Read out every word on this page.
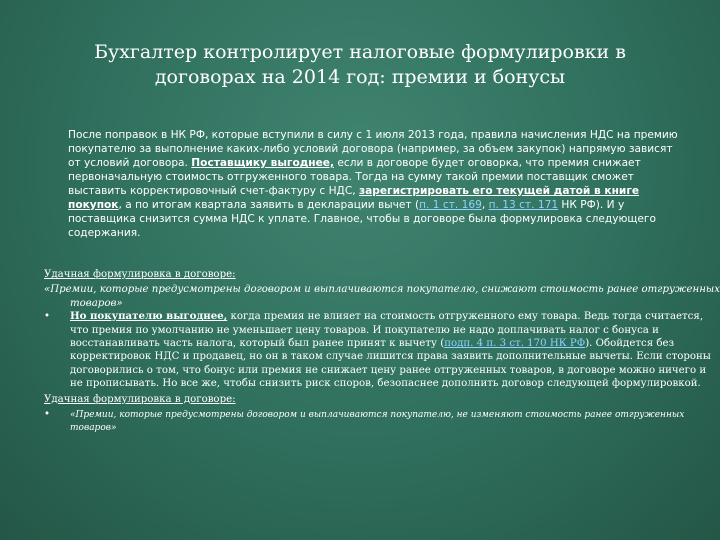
Бухгалтер контролирует налоговые формулировки в
договорах на 2014 год: премии и бонусы
После поправок в НК РФ, которые вступили в силу с 1 июля 2013 года, правила начисления НДС на премию покупателю за выполнение каких-либо условий договора (например, за объем закупок) напрямую зависят от условий договора. Поставщику выгоднее, если в договоре будет оговорка, что премия снижает первоначальную стоимость отгруженного товара. Тогда на сумму такой премии поставщик сможет выставить корректировочный счет-фактуру с НДС, зарегистрировать его текущей датой в книге покупок, а по итогам квартала заявить в декларации вычет (п. 1 ст. 169, п. 13 ст. 171 НК РФ). И у поставщика снизится сумма НДС к уплате. Главное, чтобы в договоре была формулировка следующего содержания.
Удачная формулировка в договоре:
«Премии, которые предусмотрены договором и выплачиваются покупателю, снижают стоимость ранее отгруженных
товаров»
• Но покупателю выгоднее, когда премия не влияет на стоимость отгруженного ему товара. Ведь тогда считается, что премия по умолчанию не уменьшает цену товаров. И покупателю не надо доплачивать налог с бонуса и восстанавливать часть налога, который был ранее принят к вычету (подп. 4 п. 3 ст. 170 НК РФ). Обойдется без корректировок НДС и продавец, но он в таком случае лишится права заявить дополнительные вычеты. Если стороны договорились о том, что бонус или премия не снижает цену ранее отгруженных товаров, в договоре можно ничего и не прописывать. Но все же, чтобы снизить риск споров, безопаснее дополнить договор следующей формулировкой.
Удачная формулировка в договоре:
• «Премии, которые предусмотрены договором и выплачиваются покупателю, не изменяют стоимость ранее отгруженных товаров»
